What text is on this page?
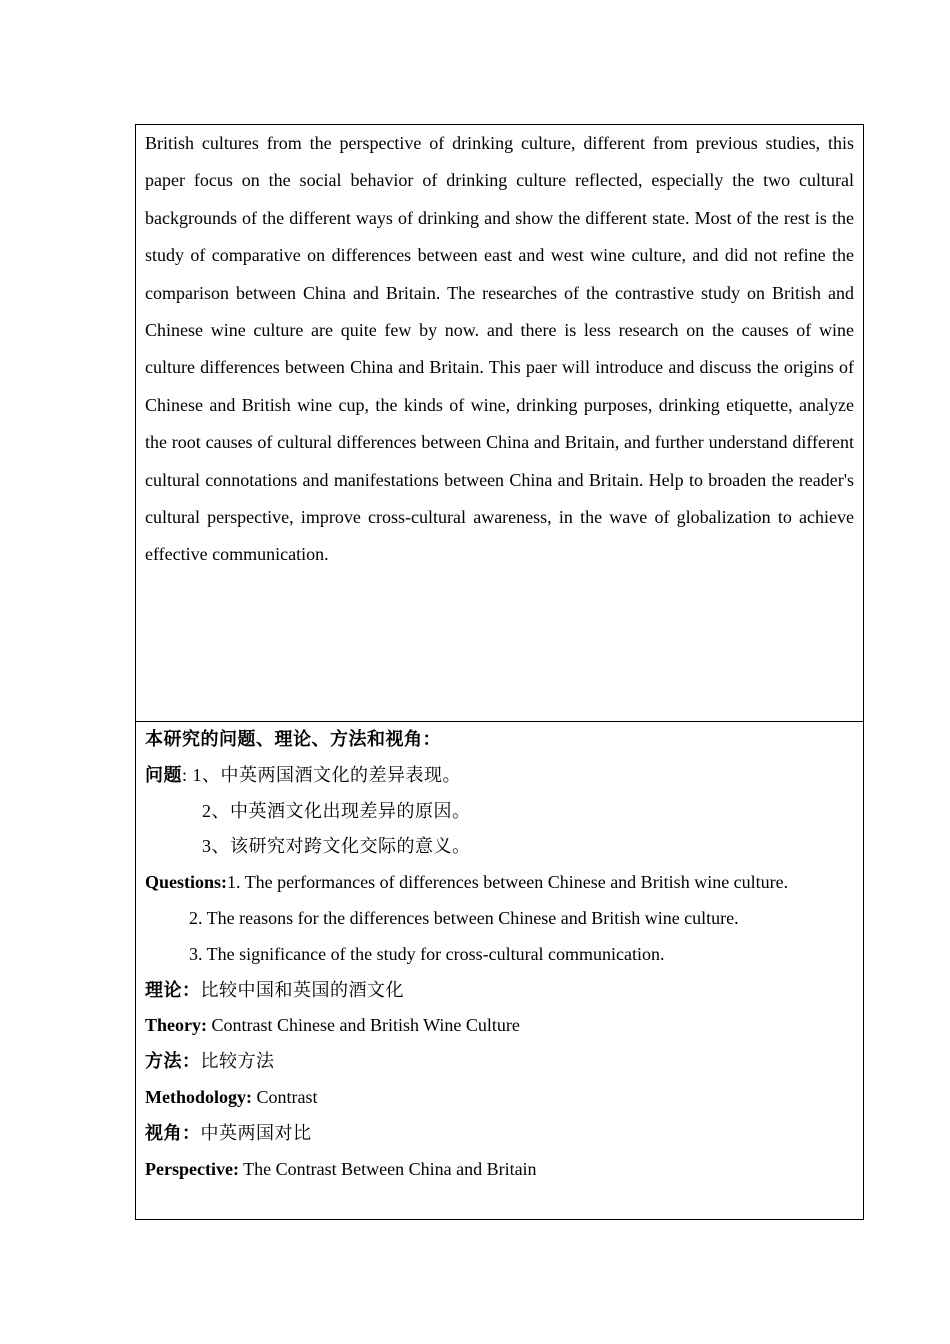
British cultures from the perspective of drinking culture, different from previous studies, this paper focus on the social behavior of drinking culture reflected, especially the two cultural backgrounds of the different ways of drinking and show the different state. Most of the rest is the study of comparative on differences between east and west wine culture, and did not refine the comparison between China and Britain. The researches of the contrastive study on British and Chinese wine culture are quite few by now. and there is less research on the causes of wine culture differences between China and Britain. This paer will introduce and discuss the origins of Chinese and British wine cup, the kinds of wine, drinking purposes, drinking etiquette, analyze the root causes of cultural differences between China and Britain, and further understand different cultural connotations and manifestations between China and Britain. Help to broaden the reader's cultural perspective, improve cross-cultural awareness, in the wave of globalization to achieve effective communication.

本研究的问题、理论、方法和视角：
问题: 1、中英两国酒文化的差异表现。
2、中英酒文化出现差异的原因。
3、该研究对跨文化交际的意义。
Questions:1. The performances of differences between Chinese and British wine culture.
2. The reasons for the differences between Chinese and British wine culture.
3. The significance of the study for cross-cultural communication.
理论：比较中国和英国的酒文化
Theory: Contrast Chinese and British Wine Culture
方法：比较方法
Methodology: Contrast
视角：中英两国对比
Perspective: The Contrast Between China and Britain
